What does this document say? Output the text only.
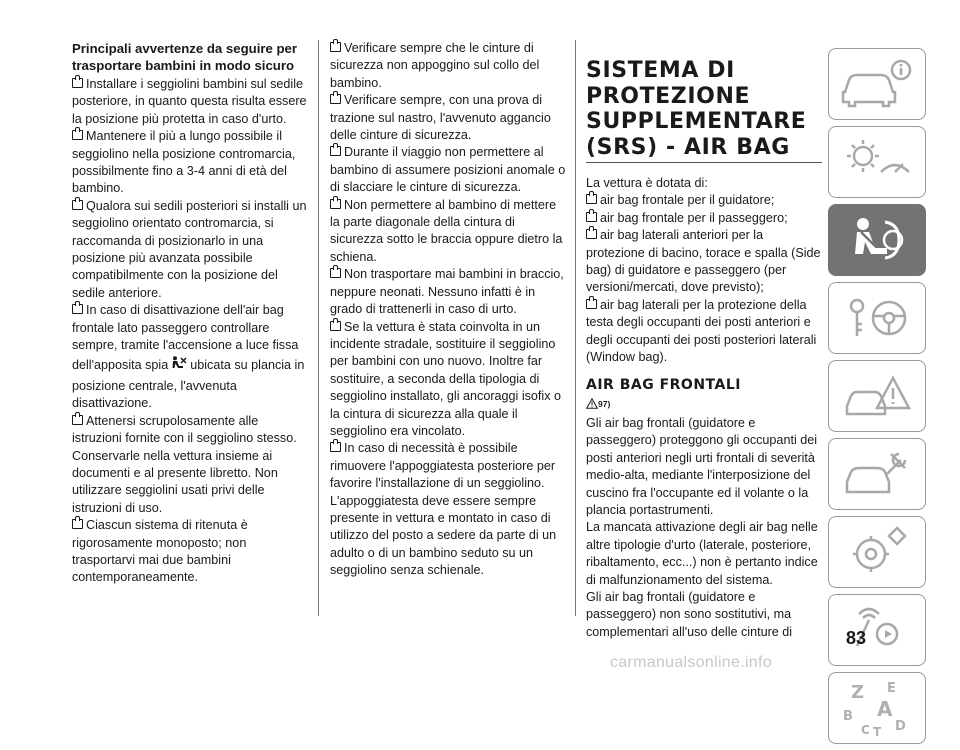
Principali avvertenze da seguire per trasportare bambini in modo sicuro

Installare i seggiolini bambini sul sedile posteriore, in quanto questa risulta essere la posizione più protetta in caso d'urto.

Mantenere il più a lungo possibile il seggiolino nella posizione contromarcia, possibilmente fino a 3-4 anni di età del bambino.

Qualora sui sedili posteriori si installi un seggiolino orientato contromarcia, si raccomanda di posizionarlo in una posizione più avanzata possibile compatibilmente con la posizione del sedile anteriore.

In caso di disattivazione dell'air bag frontale lato passeggero controllare sempre, tramite l'accensione a luce fissa dell'apposita spia ubicata su plancia in posizione centrale, l'avvenuta disattivazione.

Attenersi scrupolosamente alle istruzioni fornite con il seggiolino stesso. Conservarle nella vettura insieme ai documenti e al presente libretto. Non utilizzare seggiolini usati privi delle istruzioni di uso.

Ciascun sistema di ritenuta è rigorosamente monoposto; non trasportarvi mai due bambini contemporaneamente.

Verificare sempre che le cinture di sicurezza non appoggino sul collo del bambino.

Verificare sempre, con una prova di trazione sul nastro, l'avvenuto aggancio delle cinture di sicurezza.

Durante il viaggio non permettere al bambino di assumere posizioni anomale o di slacciare le cinture di sicurezza.

Non permettere al bambino di mettere la parte diagonale della cintura di sicurezza sotto le braccia oppure dietro la schiena.

Non trasportare mai bambini in braccio, neppure neonati. Nessuno infatti è in grado di trattenerli in caso di urto.

Se la vettura è stata coinvolta in un incidente stradale, sostituire il seggiolino per bambini con uno nuovo. Inoltre far sostituire, a seconda della tipologia di seggiolino installato, gli ancoraggi isofix o la cintura di sicurezza alla quale il seggiolino era vincolato.

In caso di necessità è possibile rimuovere l'appoggiatesta posteriore per favorire l'installazione di un seggiolino. L'appoggiatesta deve essere sempre presente in vettura e montato in caso di utilizzo del posto a sedere da parte di un adulto o di un bambino seduto su un seggiolino senza schienale.

SISTEMA DI PROTEZIONE SUPPLEMENTARE (SRS) - AIR BAG

La vettura è dotata di:

air bag frontale per il guidatore;

air bag frontale per il passeggero;

air bag laterali anteriori per la protezione di bacino, torace e spalla (Side bag) di guidatore e passeggero (per versioni/mercati, dove previsto);

air bag laterali per la protezione della testa degli occupanti dei posti anteriori e degli occupanti dei posti posteriori laterali (Window bag).

AIR BAG FRONTALI

97)

Gli air bag frontali (guidatore e passeggero) proteggono gli occupanti dei posti anteriori negli urti frontali di severità medio-alta, mediante l'interposizione del cuscino fra l'occupante ed il volante o la plancia portastrumenti.

La mancata attivazione degli air bag nelle altre tipologie d'urto (laterale, posteriore, ribaltamento, ecc...) non è pertanto indice di malfunzionamento del sistema.

Gli air bag frontali (guidatore e passeggero) non sono sostitutivi, ma complementari all'uso delle cinture di

Z E
B A
C T D
83
carmanualsonline.info
